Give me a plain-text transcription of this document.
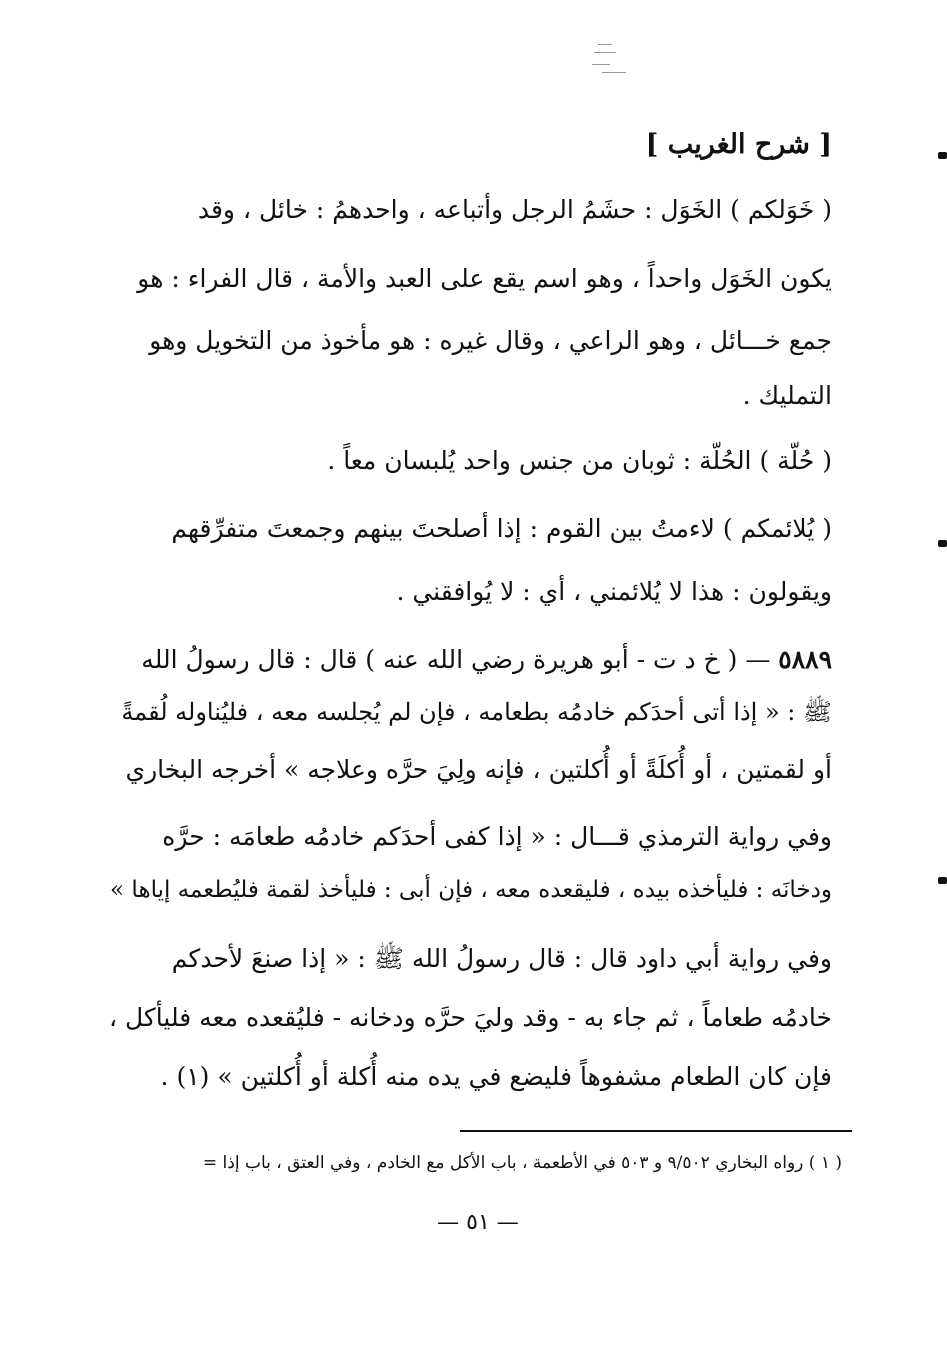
[ شرح الغريب ]
( خَوَلكم ) الخَوَل : حشَمُ الرجل وأتباعه ، واحدهمُ : خائل ، وقد
يكون الخَوَل واحداً ، وهو اسم يقع على العبد والأمة ، قال الفراء : هو
جمع خـــائل ، وهو الراعي ، وقال غيره : هو مأخوذ من التخويل وهو
التمليك .
( حُلّة ) الحُلّة : ثوبان من جنس واحد يُلبسان معاً .
( يُلائمكم ) لاءمتُ بين القوم : إذا أصلحتَ بينهم وجمعتَ متفرِّقهم
ويقولون : هذا لا يُلائمني ، أي : لا يُوافقني .
٥٨٨٩ — ( خ د ت - أبو هريرة رضي الله عنه ) قال : قال رسولُ الله
ﷺ : « إذا أتى أحدَكم خادمُه بطعامه ، فإن لم يُجلسه معه ، فليُناوله لُقمةً
أو لقمتين ، أو أُكلَةً أو أُكلتين ، فإنه ولِيَ حرَّه وعلاجه » أخرجه البخاري
وفي رواية الترمذي قـــال : « إذا كفى أحدَكم خادمُه طعامَه : حرَّه
ودخانَه : فليأخذه بيده ، فليقعده معه ، فإن أبى : فليأخذ لقمة فليُطعمه إياها »
وفي رواية أبي داود قال : قال رسولُ الله ﷺ : « إذا صنعَ لأحدكم
خادمُه طعاماً ، ثم جاء به - وقد وليَ حرَّه ودخانه - فليُقعده معه فليأكل ،
فإن كان الطعام مشفوهاً فليضع في يده منه أُكلة أو أُكلتين » (١) .
( ١ ) رواه البخاري ٩/٥٠٢ و ٥٠٣ في الأطعمة ، باب الأكل مع الخادم ، وفي العتق ، باب إذا =
— ٥١ —
